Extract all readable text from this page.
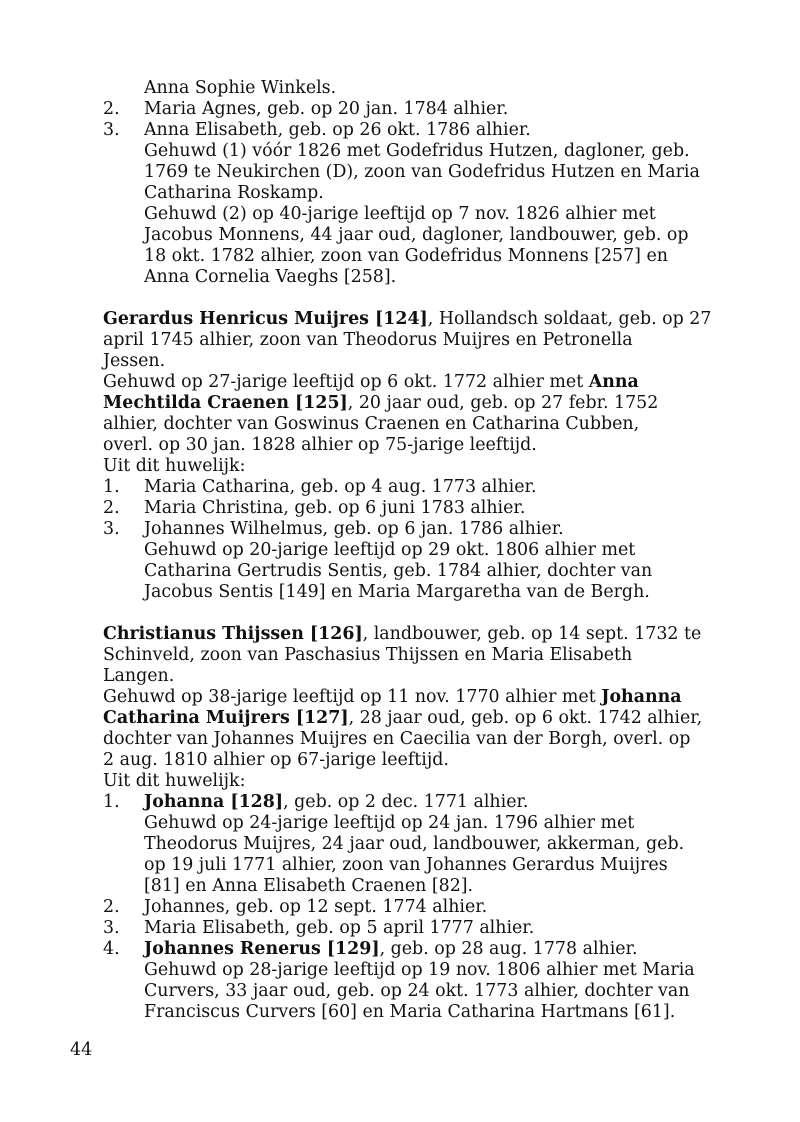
Anna Sophie Winkels.
2.	Maria Agnes, geb. op 20 jan. 1784 alhier.
3.	Anna Elisabeth, geb. op 26 okt. 1786 alhier.
Gehuwd (1) vóór 1826 met Godefridus Hutzen, dagloner, geb.
1769 te Neukirchen (D), zoon van Godefridus Hutzen en Maria
Catharina Roskamp.
Gehuwd (2) op 40-jarige leeftijd op 7 nov. 1826 alhier met
Jacobus Monnens, 44 jaar oud, dagloner, landbouwer, geb. op
18 okt. 1782 alhier, zoon van Godefridus Monnens [257] en
Anna Cornelia Vaeghs [258].
Gerardus Henricus Muijres [124], Hollandsch soldaat, geb. op 27
april 1745 alhier, zoon van Theodorus Muijres en Petronella
Jessen.
Gehuwd op 27-jarige leeftijd op 6 okt. 1772 alhier met Anna
Mechtilda Craenen [125], 20 jaar oud, geb. op 27 febr. 1752
alhier, dochter van Goswinus Craenen en Catharina Cubben,
overl. op 30 jan. 1828 alhier op 75-jarige leeftijd.
Uit dit huwelijk:
1.	Maria Catharina, geb. op 4 aug. 1773 alhier.
2.	Maria Christina, geb. op 6 juni 1783 alhier.
3.	Johannes Wilhelmus, geb. op 6 jan. 1786 alhier.
Gehuwd op 20-jarige leeftijd op 29 okt. 1806 alhier met
Catharina Gertrudis Sentis, geb. 1784 alhier, dochter van
Jacobus Sentis [149] en Maria Margaretha van de Bergh.
Christianus Thijssen [126], landbouwer, geb. op 14 sept. 1732 te
Schinveld, zoon van Paschasius Thijssen en Maria Elisabeth
Langen.
Gehuwd op 38-jarige leeftijd op 11 nov. 1770 alhier met Johanna
Catharina Muijrers [127], 28 jaar oud, geb. op 6 okt. 1742 alhier,
dochter van Johannes Muijres en Caecilia van der Borgh, overl. op
2 aug. 1810 alhier op 67-jarige leeftijd.
Uit dit huwelijk:
1.	Johanna [128], geb. op 2 dec. 1771 alhier.
Gehuwd op 24-jarige leeftijd op 24 jan. 1796 alhier met
Theodorus Muijres, 24 jaar oud, landbouwer, akkerman, geb.
op 19 juli 1771 alhier, zoon van Johannes Gerardus Muijres
[81] en Anna Elisabeth Craenen [82].
2.	Johannes, geb. op 12 sept. 1774 alhier.
3.	Maria Elisabeth, geb. op 5 april 1777 alhier.
4.	Johannes Renerus [129], geb. op 28 aug. 1778 alhier.
Gehuwd op 28-jarige leeftijd op 19 nov. 1806 alhier met Maria
Curvers, 33 jaar oud, geb. op 24 okt. 1773 alhier, dochter van
Franciscus Curvers [60] en Maria Catharina Hartmans [61].
44
